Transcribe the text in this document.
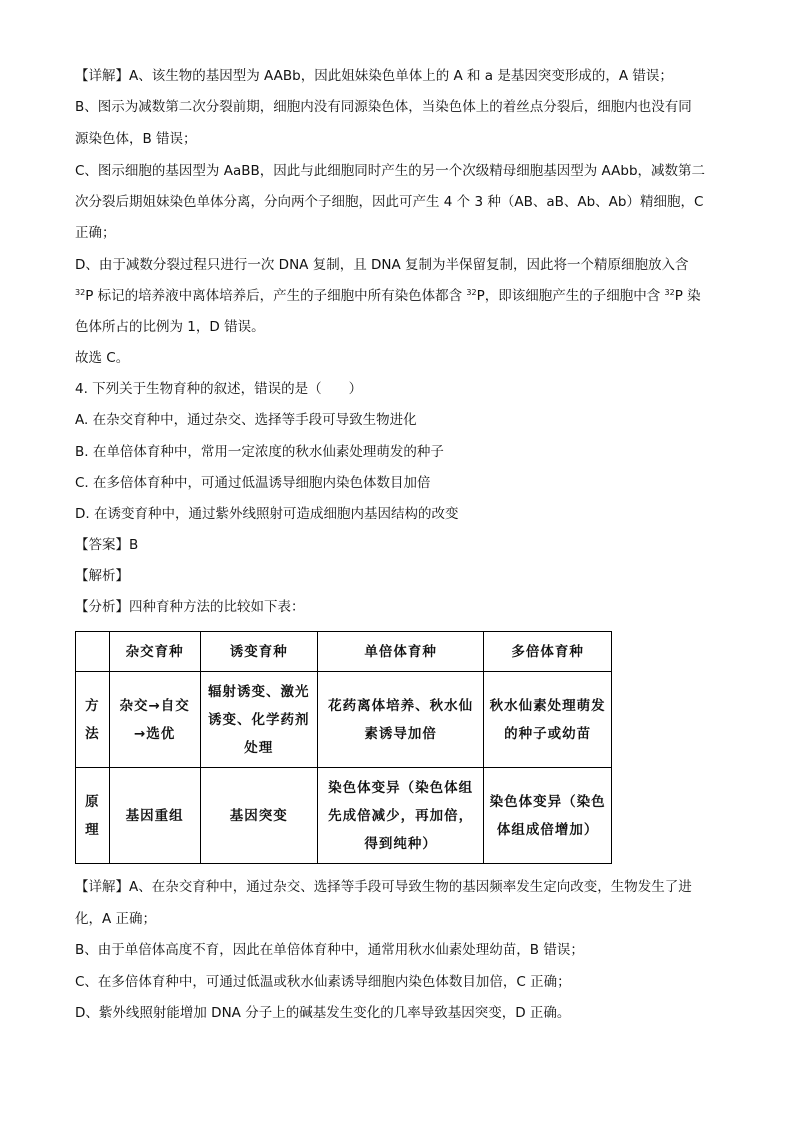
【详解】A、该生物的基因型为 AABb，因此姐妹染色单体上的 A 和 a 是基因突变形成的，A 错误；
B、图示为减数第二次分裂前期，细胞内没有同源染色体，当染色体上的着丝点分裂后，细胞内也没有同
源染色体，B 错误；
C、图示细胞的基因型为 AaBB，因此与此细胞同时产生的另一个次级精母细胞基因型为 AAbb，减数第二
次分裂后期姐妹染色单体分离，分向两个子细胞，因此可产生 4 个 3 种（AB、aB、Ab、Ab）精细胞，C
正确；
D、由于减数分裂过程只进行一次 DNA 复制，且 DNA 复制为半保留复制，因此将一个精原细胞放入含
$^{32}$P 标记的培养液中离体培养后，产生的子细胞中所有染色体都含 $^{32}$P，即该细胞产生的子细胞中含 $^{32}$P 染
色体所占的比例为 1，D 错误。
故选 C。
4. 下列关于生物育种的叙述，错误的是（　　）
A. 在杂交育种中，通过杂交、选择等手段可导致生物进化
B. 在单倍体育种中，常用一定浓度的秋水仙素处理萌发的种子
C. 在多倍体育种中，可通过低温诱导细胞内染色体数目加倍
D. 在诱变育种中，通过紫外线照射可造成细胞内基因结构的改变
【答案】B
【解析】
【分析】四种育种方法的比较如下表：
	杂交育种	诱变育种	单倍体育种	多倍体育种
方法	杂交→自交→选优	辐射诱变、激光诱变、化学药剂处理	花药离体培养、秋水仙素诱导加倍	秋水仙素处理萌发的种子或幼苗
原理	基因重组	基因突变	染色体变异（染色体组先成倍减少，再加倍，得到纯种）	染色体变异（染色体组成倍增加）
【详解】A、在杂交育种中，通过杂交、选择等手段可导致生物的基因频率发生定向改变，生物发生了进
化，A 正确；
B、由于单倍体高度不育，因此在单倍体育种中，通常用秋水仙素处理幼苗，B 错误；
C、在多倍体育种中，可通过低温或秋水仙素诱导细胞内染色体数目加倍，C 正确；
D、紫外线照射能增加 DNA 分子上的碱基发生变化的几率导致基因突变，D 正确。
